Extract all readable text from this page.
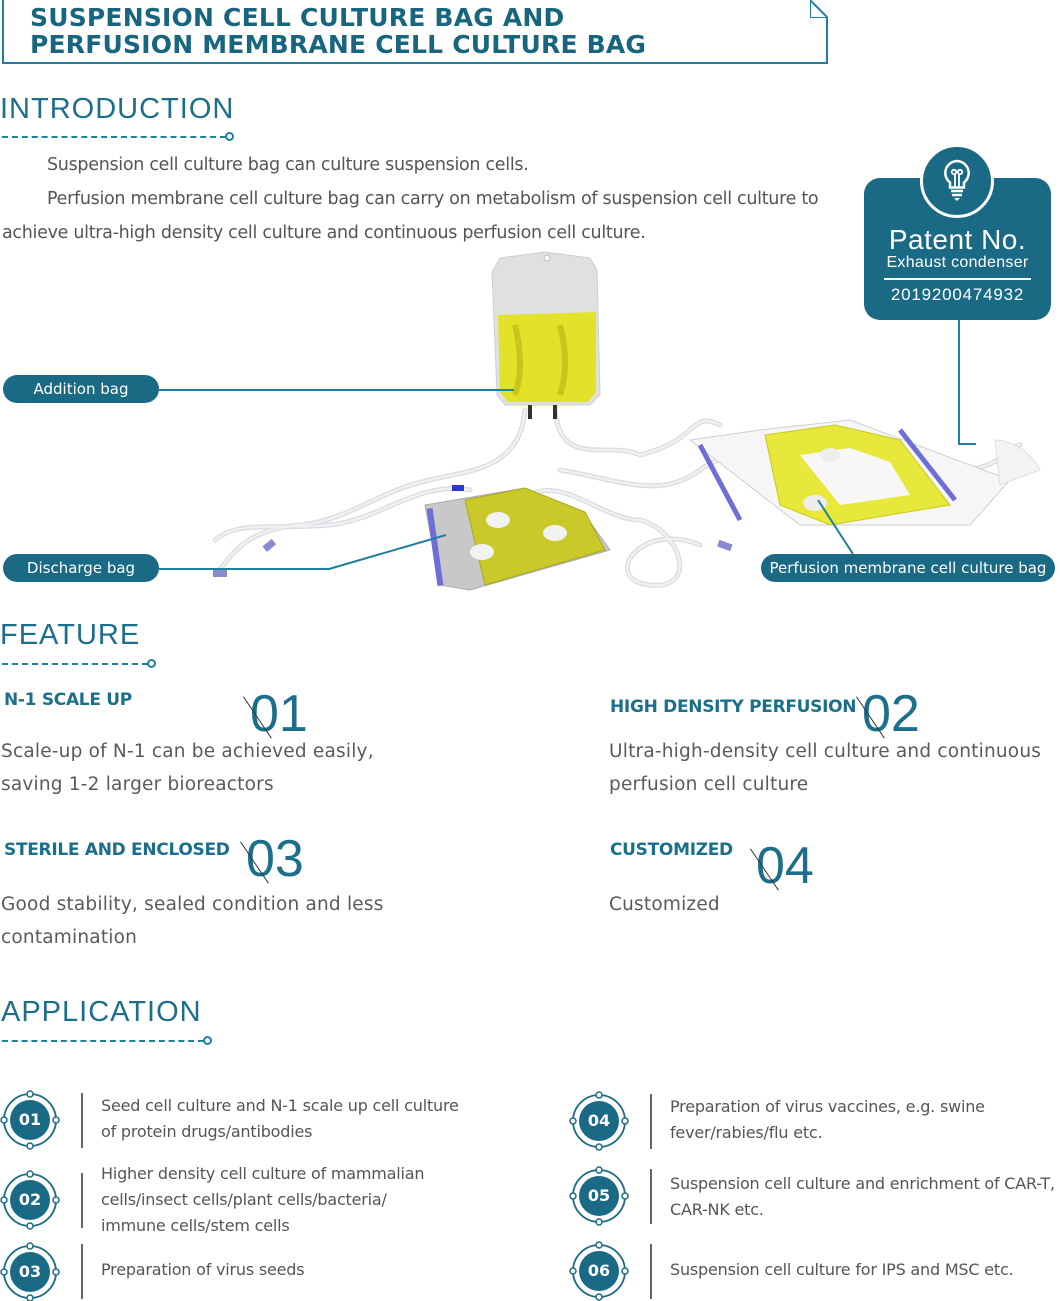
SUSPENSION CELL CULTURE BAG AND
PERFUSION MEMBRANE CELL CULTURE BAG
INTRODUCTION
Suspension cell culture bag can culture suspension cells.
Perfusion membrane cell culture bag can carry on metabolism of suspension cell culture to
achieve ultra-high density cell culture and continuous perfusion cell culture.	Patent No.
Exhaust condenser
2019200474932
Addition bag
Discharge bag	Perfusion membrane cell culture bag
FEATURE
N-1 SCALE UP 01
Scale-up of N-1 can be achieved easily,
saving 1-2 larger bioreactors
HIGH DENSITY PERFUSION 02
Ultra-high-density cell culture and continuous
perfusion cell culture
STERILE AND ENCLOSED 03
Good stability, sealed condition and less
contamination
CUSTOMIZED 04
Customized
APPLICATION
01
Seed cell culture and N-1 scale up cell culture
of protein drugs/antibodies
02
Higher density cell culture of mammalian
cells/insect cells/plant cells/bacteria/
immune cells/stem cells
03	Preparation of virus seeds
04
Preparation of virus vaccines, e.g. swine
fever/rabies/flu etc.
05
Suspension cell culture and enrichment of CAR-T,
CAR-NK etc.
06	Suspension cell culture for IPS and MSC etc.
